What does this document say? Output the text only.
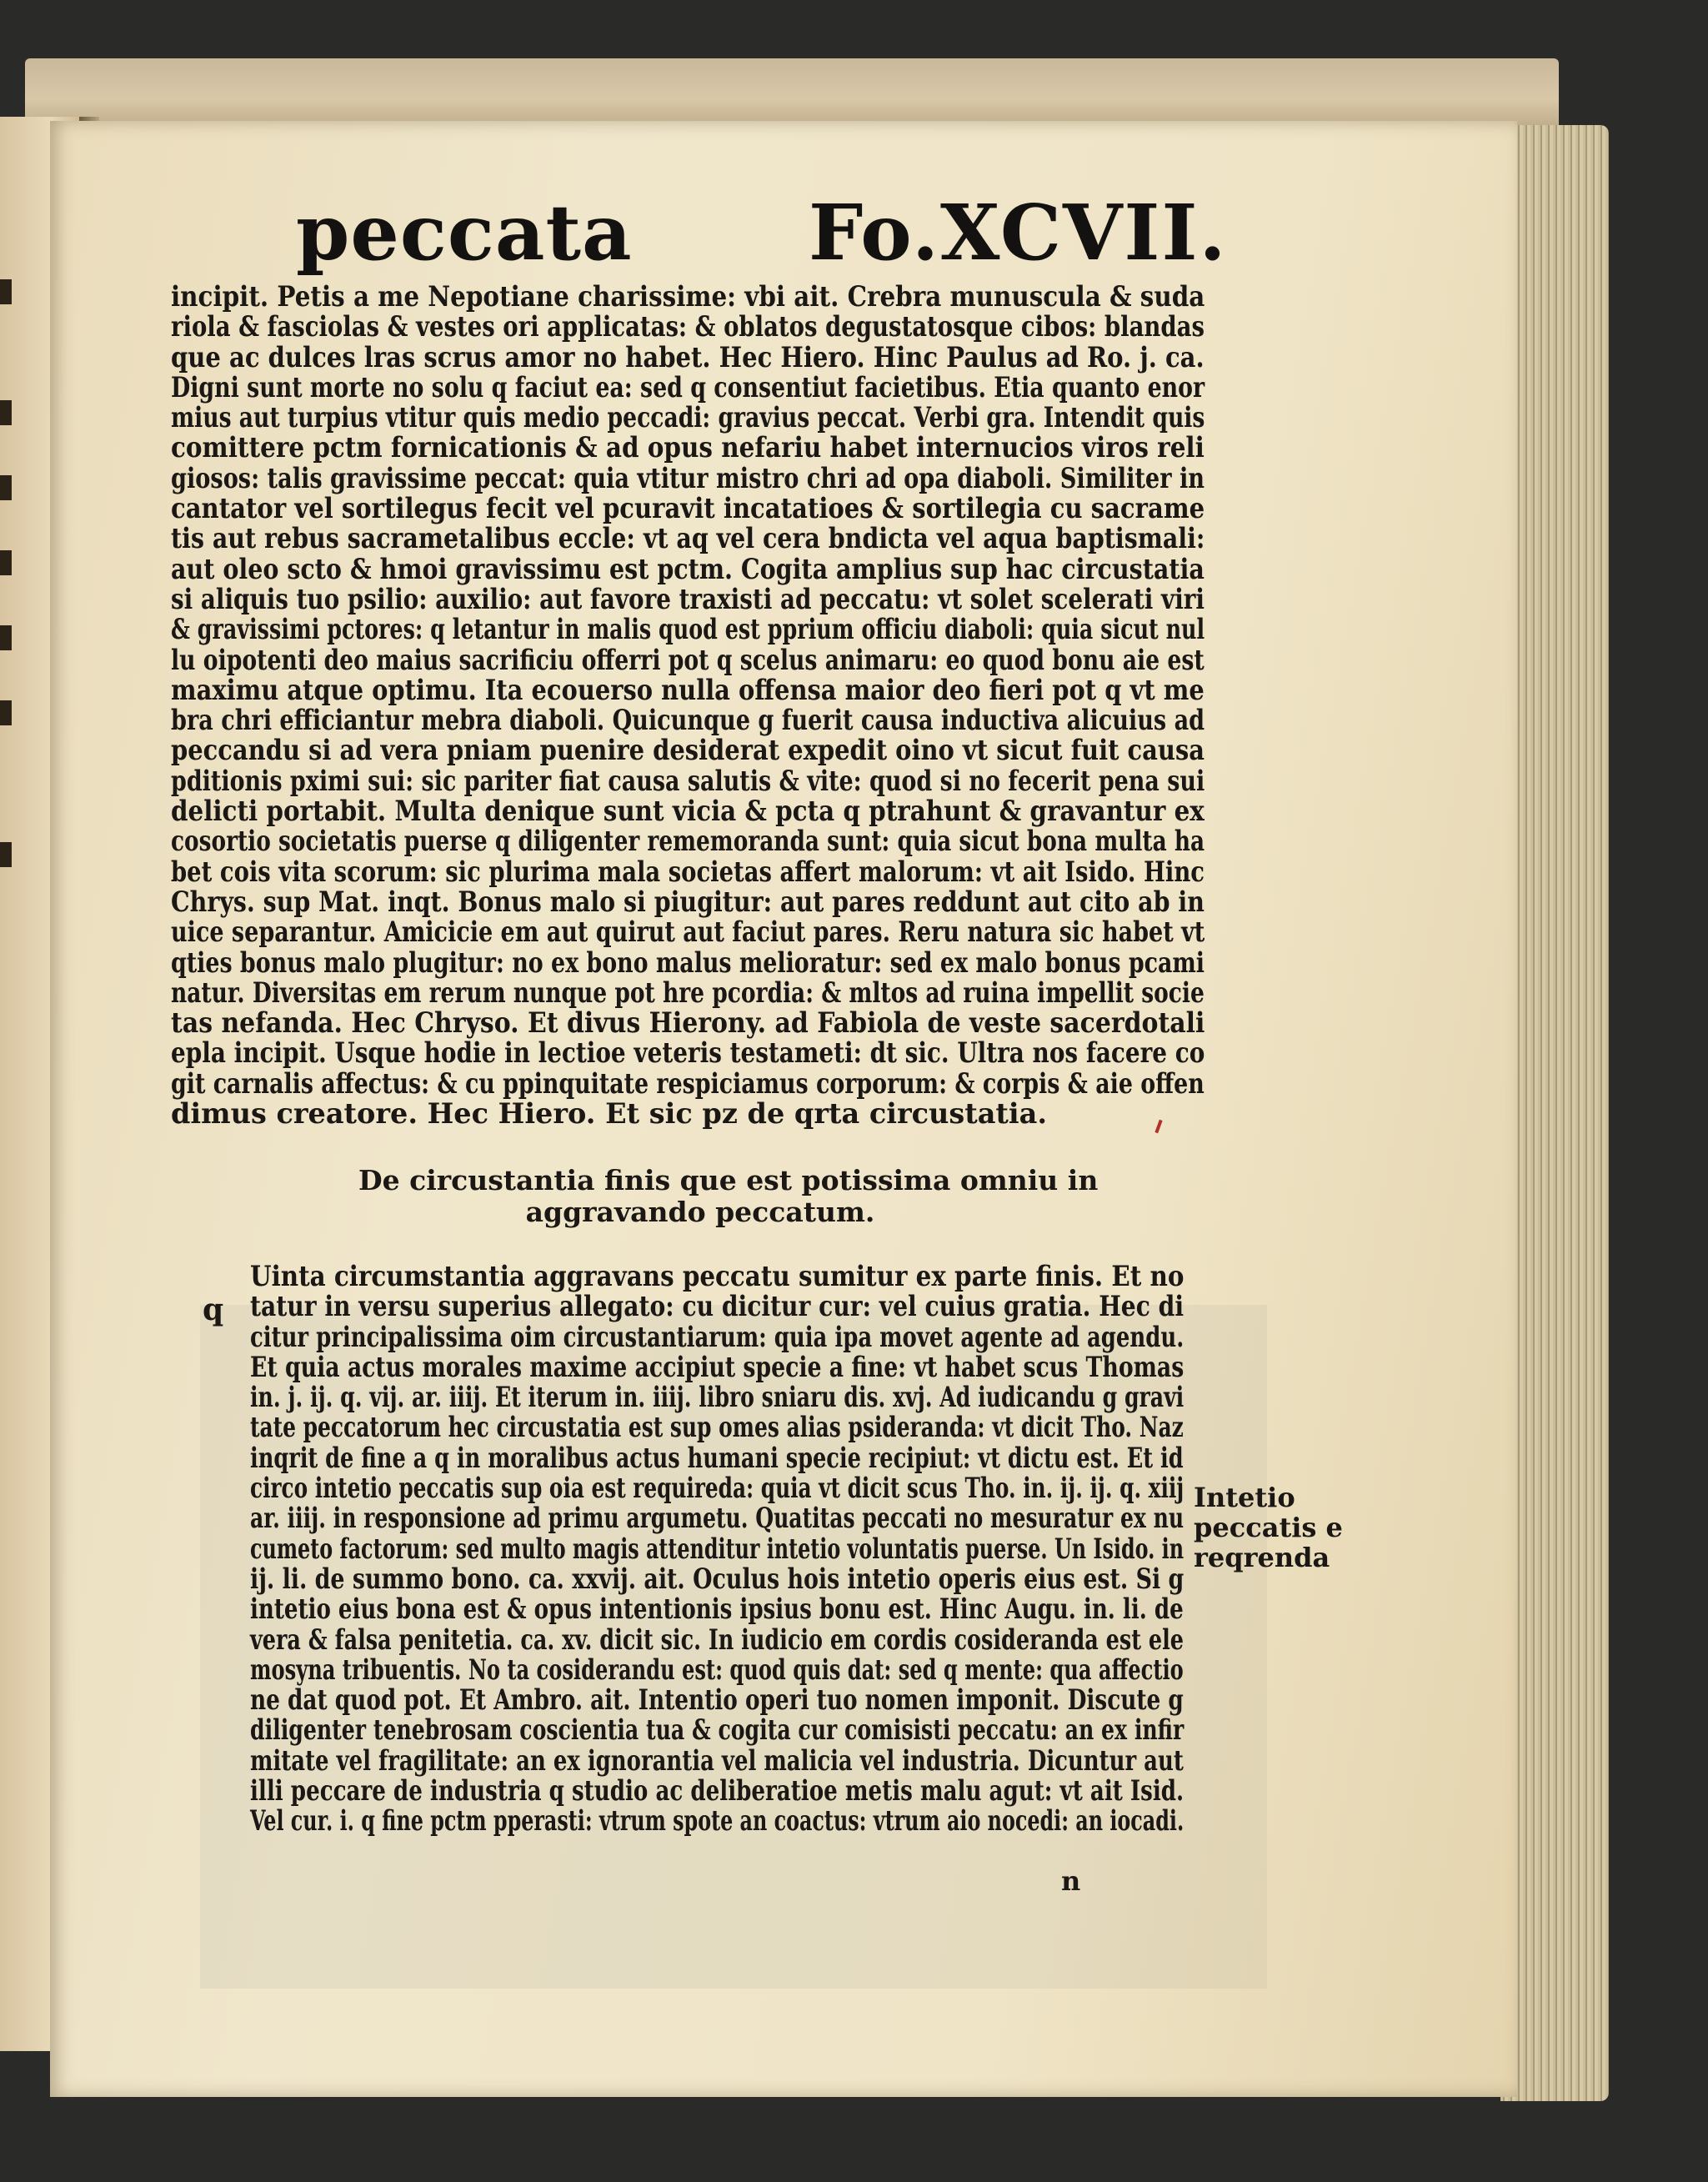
peccata Fo.XCVII.
incipit. Petis a me Nepotiane charissime: vbi ait. Crebra munuscula & suda
riola & fasciolas & vestes ori applicatas: & oblatos degustatosque cibos: blandas
que ac dulces lras scrus amor no habet. Hec Hiero. Hinc Paulus ad Ro. j. ca.
Digni sunt morte no solu q faciut ea: sed q consentiut facietibus. Etia quanto enor
mius aut turpius vtitur quis medio peccadi: gravius peccat. Verbi gra. Intendit quis
comittere pctm fornicationis & ad opus nefariu habet internucios viros reli
giosos: talis gravissime peccat: quia vtitur mistro chri ad opa diaboli. Similiter in
cantator vel sortilegus fecit vel pcuravit incatatioes & sortilegia cu sacrame
tis aut rebus sacrametalibus eccle: vt aq vel cera bndicta vel aqua baptismali:
aut oleo scto & hmoi gravissimu est pctm. Cogita amplius sup hac circustatia
si aliquis tuo psilio: auxilio: aut favore traxisti ad peccatu: vt solet scelerati viri
& gravissimi pctores: q letantur in malis quod est pprium officiu diaboli: quia sicut nul
lu oipotenti deo maius sacrificiu offerri pot q scelus animaru: eo quod bonu aie est
maximu atque optimu. Ita ecouerso nulla offensa maior deo fieri pot q vt me
bra chri efficiantur mebra diaboli. Quicunque g fuerit causa inductiva alicuius ad
peccandu si ad vera pniam puenire desiderat expedit oino vt sicut fuit causa
pditionis pximi sui: sic pariter fiat causa salutis & vite: quod si no fecerit pena sui
delicti portabit. Multa denique sunt vicia & pcta q ptrahunt & gravantur ex
cosortio societatis puerse q diligenter rememoranda sunt: quia sicut bona multa ha
bet cois vita scorum: sic plurima mala societas affert malorum: vt ait Isido. Hinc
Chrys. sup Mat. inqt. Bonus malo si piugitur: aut pares reddunt aut cito ab in
uice separantur. Amicicie em aut quirut aut faciut pares. Reru natura sic habet vt
qties bonus malo plugitur: no ex bono malus melioratur: sed ex malo bonus pcami
natur. Diversitas em rerum nunque pot hre pcordia: & mltos ad ruina impellit socie
tas nefanda. Hec Chryso. Et divus Hierony. ad Fabiola de veste sacerdotali
epla incipit. Usque hodie in lectioe veteris testameti: dt sic. Ultra nos facere co
git carnalis affectus: & cu ppinquitate respiciamus corporum: & corpis & aie offen
dimus creatore. Hec Hiero. Et sic pz de qrta circustatia.
De circustantia finis que est potissima omniu in
aggravando peccatum.
q
Uinta circumstantia aggravans peccatu sumitur ex parte finis. Et no
tatur in versu superius allegato: cu dicitur cur: vel cuius gratia. Hec di
citur principalissima oim circustantiarum: quia ipa movet agente ad agendu.
Et quia actus morales maxime accipiut specie a fine: vt habet scus Thomas
in. j. ij. q. vij. ar. iiij. Et iterum in. iiij. libro sniaru dis. xvj. Ad iudicandu g gravi
tate peccatorum hec circustatia est sup omes alias psideranda: vt dicit Tho. Naz
inqrit de fine a q in moralibus actus humani specie recipiut: vt dictu est. Et id
circo intetio peccatis sup oia est requireda: quia vt dicit scus Tho. in. ij. ij. q. xiij
ar. iiij. in responsione ad primu argumetu. Quatitas peccati no mesuratur ex nu
cumeto factorum: sed multo magis attenditur intetio voluntatis puerse. Un Isido. in
ij. li. de summo bono. ca. xxvij. ait. Oculus hois intetio operis eius est. Si g
intetio eius bona est & opus intentionis ipsius bonu est. Hinc Augu. in. li. de
vera & falsa penitetia. ca. xv. dicit sic. In iudicio em cordis cosideranda est ele
mosyna tribuentis. No ta cosiderandu est: quod quis dat: sed q mente: qua affectio
ne dat quod pot. Et Ambro. ait. Intentio operi tuo nomen imponit. Discute g
diligenter tenebrosam coscientia tua & cogita cur comisisti peccatu: an ex infir
mitate vel fragilitate: an ex ignorantia vel malicia vel industria. Dicuntur aut
illi peccare de industria q studio ac deliberatioe metis malu agut: vt ait Isid.
Vel cur. i. q fine pctm pperasti: vtrum spote an coactus: vtrum aio nocedi: an iocadi.
Intetio
peccatis e
reqrenda
n
